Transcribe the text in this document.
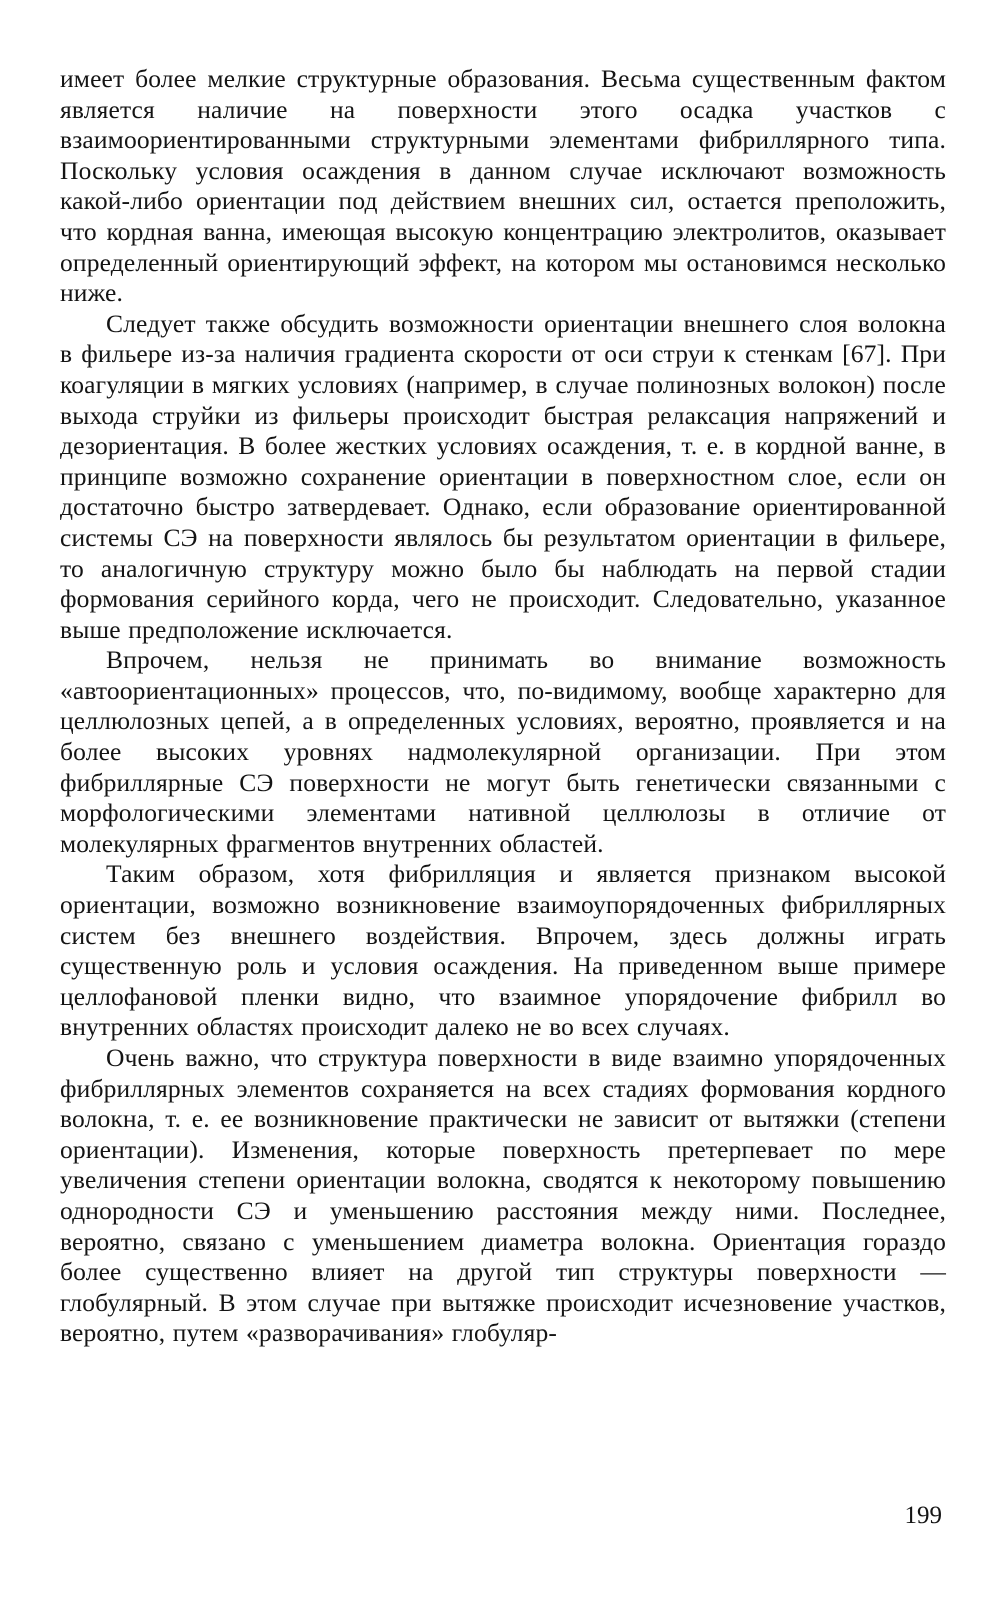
имеет более мелкие структурные образования. Весьма существенным фактом является наличие на поверхности этого осадка участков с взаимоориентированными структурными элементами фибриллярного типа. Поскольку условия осаждения в данном случае исключают возможность какой-либо ориентации под действием внешних сил, остается преположить, что кордная ванна, имеющая высокую концентрацию электролитов, оказывает определенный ориентирующий эффект, на котором мы остановимся несколько ниже.

Следует также обсудить возможности ориентации внешнего слоя волокна в фильере из-за наличия градиента скорости от оси струи к стенкам [67]. При коагуляции в мягких условиях (например, в случае полинозных волокон) после выхода струйки из фильеры происходит быстрая релаксация напряжений и дезориентация. В более жестких условиях осаждения, т. е. в кордной ванне, в принципе возможно сохранение ориентации в поверхностном слое, если он достаточно быстро затвердевает. Однако, если образование ориентированной системы СЭ на поверхности являлось бы результатом ориентации в фильере, то аналогичную структуру можно было бы наблюдать на первой стадии формования серийного корда, чего не происходит. Следовательно, указанное выше предположение исключается.

Впрочем, нельзя не принимать во внимание возможность «автоориентационных» процессов, что, по-видимому, вообще характерно для целлюлозных цепей, а в определенных условиях, вероятно, проявляется и на более высоких уровнях надмолекулярной организации. При этом фибриллярные СЭ поверхности не могут быть генетически связанными с морфологическими элементами нативной целлюлозы в отличие от молекулярных фрагментов внутренних областей.

Таким образом, хотя фибрилляция и является признаком высокой ориентации, возможно возникновение взаимоупорядоченных фибриллярных систем без внешнего воздействия. Впрочем, здесь должны играть существенную роль и условия осаждения. На приведенном выше примере целлофановой пленки видно, что взаимное упорядочение фибрилл во внутренних областях происходит далеко не во всех случаях.

Очень важно, что структура поверхности в виде взаимно упорядоченных фибриллярных элементов сохраняется на всех стадиях формования кордного волокна, т. е. ее возникновение практически не зависит от вытяжки (степени ориентации). Изменения, которые поверхность претерпевает по мере увеличения степени ориентации волокна, сводятся к некоторому повышению однородности СЭ и уменьшению расстояния между ними. Последнее, вероятно, связано с уменьшением диаметра волокна. Ориентация гораздо более существенно влияет на другой тип структуры поверхности — глобулярный. В этом случае при вытяжке происходит исчезновение участков, вероятно, путем «разворачивания» глобуляр-

199
